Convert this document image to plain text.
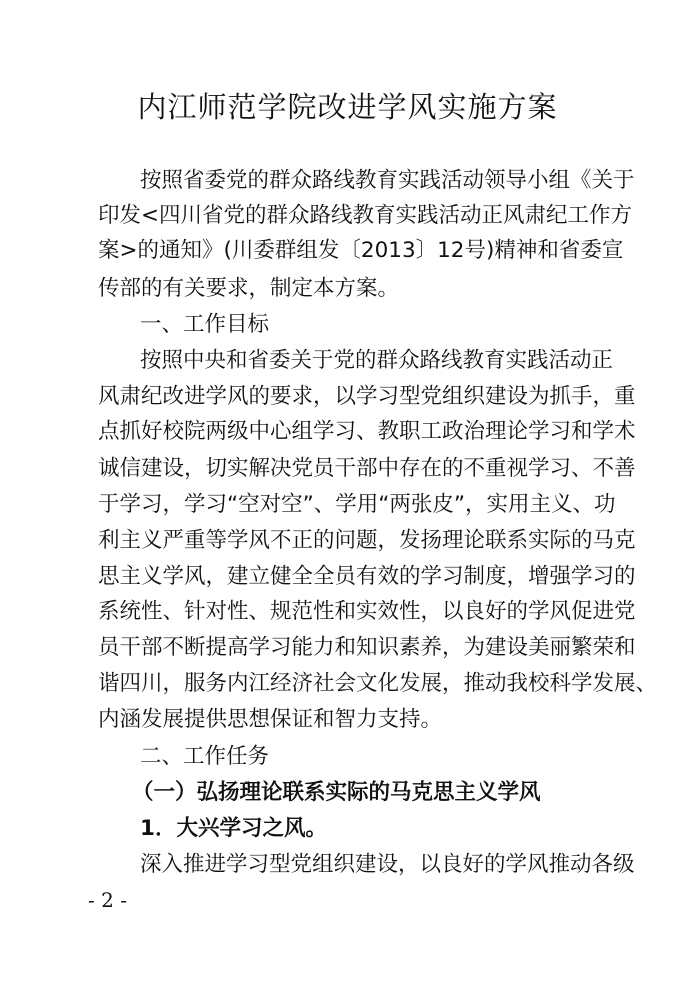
内江师范学院改进学风实施方案
按照省委党的群众路线教育实践活动领导小组《关于
印发<四川省党的群众路线教育实践活动正风肃纪工作方
案>的通知》(川委群组发〔2013〕12号)精神和省委宣
传部的有关要求，制定本方案。
一、工作目标
按照中央和省委关于党的群众路线教育实践活动正
风肃纪改进学风的要求，以学习型党组织建设为抓手，重
点抓好校院两级中心组学习、教职工政治理论学习和学术
诚信建设，切实解决党员干部中存在的不重视学习、不善
于学习，学习“空对空”、学用“两张皮”，实用主义、功
利主义严重等学风不正的问题，发扬理论联系实际的马克
思主义学风，建立健全全员有效的学习制度，增强学习的
系统性、针对性、规范性和实效性，以良好的学风促进党
员干部不断提高学习能力和知识素养，为建设美丽繁荣和
谐四川，服务内江经济社会文化发展，推动我校科学发展、
内涵发展提供思想保证和智力支持。
二、工作任务
（一）弘扬理论联系实际的马克思主义学风
1．大兴学习之风。
深入推进学习型党组织建设，以良好的学风推动各级
- 2 -
